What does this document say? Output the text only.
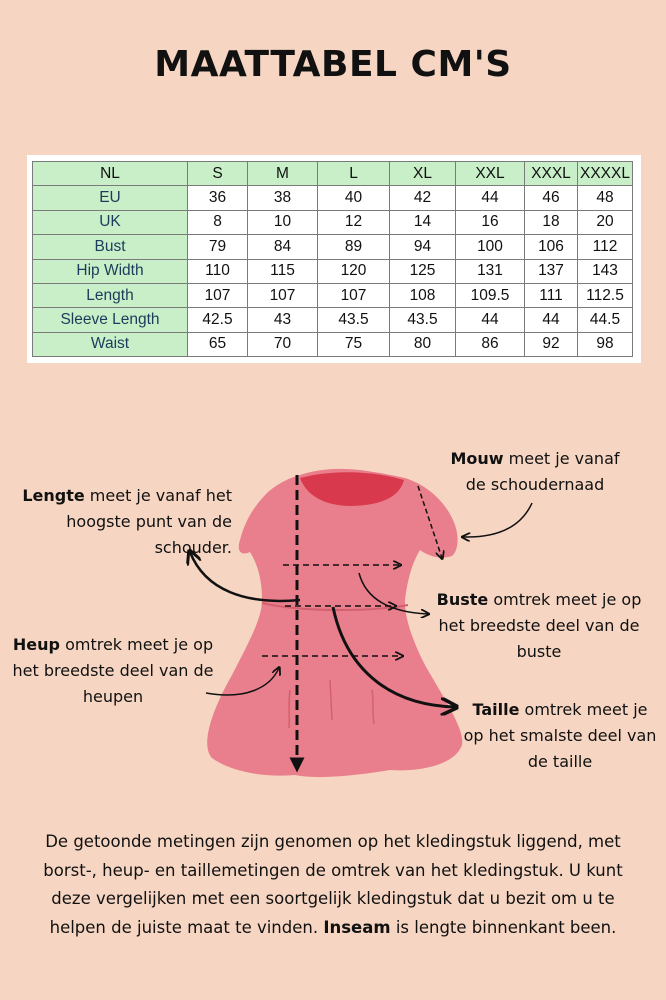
MAATTABEL CM'S
NL	S	M	L	XL	XXL	XXXL	XXXXL
EU	36	38	40	42	44	46	48
UK	8	10	12	14	16	18	20
Bust	79	84	89	94	100	106	112
Hip Width	110	115	120	125	131	137	143
Length	107	107	107	108	109.5	111	112.5
Sleeve Length	42.5	43	43.5	43.5	44	44	44.5
Waist	65	70	75	80	86	92	98
Lengte meet je vanaf het hoogste punt van de schouder.
Mouw meet je vanaf de schoudernaad
Buste omtrek meet je op het breedste deel van de buste
Heup omtrek meet je op het breedste deel van de heupen
Taille omtrek meet je op het smalste deel van de taille
De getoonde metingen zijn genomen op het kledingstuk liggend, met borst-, heup- en taillemetingen de omtrek van het kledingstuk. U kunt deze vergelijken met een soortgelijk kledingstuk dat u bezit om u te helpen de juiste maat te vinden. Inseam is lengte binnenkant been.
